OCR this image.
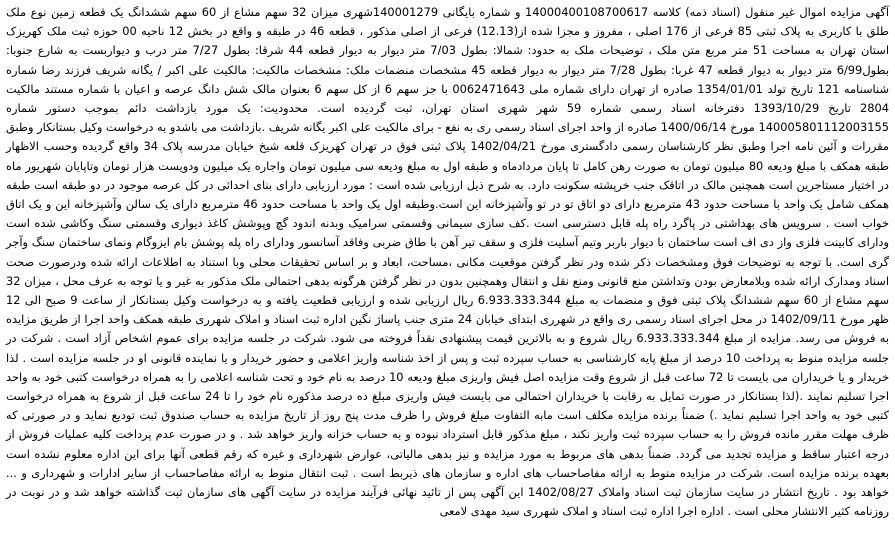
آگهی مزایده اموال غیر منقول (اسناد ذمه) کلاسه 14000400108700617 و شماره بایگانی 140001279شهری میزان 32 سهم مشاع از 60 سهم ششدانگ یک قطعه زمین نوع ملک طلق با کاربری به پلاک ثبتی 85 فرعی از 176 اصلی ، مفروز و مجزا شده از(12.13) فرعی از اصلی مذکور ، قطعه 46 در طبقه و واقع در بخش 12 ناحیه 00 حوزه ثبت ملک کهریزک استان تهران به مساحت 51 متر مربع متن ملک ، توضیحات ملک به حدود: شمالا: بطول 7/03 متر دیوار به دیوار قطعه 44 شرقا: بطول 7/27 متر درب و دیواربست به شارع جنوبا: بطول6/99 متر دیوار به دیوار قطعه 47 غربا: بطول 7/28 متر دیوار به دیوار قطعه 45 مشخصات منضمات ملک: مشخصات مالکیت: مالکیت علی اکبر / یگانه شریف فرزند رضا شماره شناسنامه 121 تاریخ تولد 1354/01/01 صادره از تهران دارای شماره ملی 0062471643 با جز سهم 6 از کل سهم 6 بعنوان مالک شش دانگ عرصه و اعیان با شماره مستند مالکیت 2804 تاریخ 1393/10/29 دفترخانه اسناد رسمی شماره 59 شهر شهری استان تهران، ثبت گردیده است. محدودیت: یک مورد بازداشت دائم بموجب دستور شماره 140005801112003155 مورخ 1400/06/14 صادره از واحد اجرای اسناد رسمی ری به نفع - برای مالکیت علی اکبر یگانه شریف .بازداشت می باشدو به درخواست وکیل بستانکار وطبق مقررات و آئین نامه اجرا وطبق نظر کارشناسان رسمی دادگستری مورخ 1402/04/21 پلاک ثبتی فوق در تهران کهریزک قلعه شیخ خیابان مدرسه پلاک 34 واقع گردیده وحسب الاظهار طبقه همکف با مبلغ ودیعه 80 میلیون تومان به صورت رهن کامل تا پایان مردادماه و طبقه اول به مبلغ ودیعه سی میلیون تومان واجاره یک میلیون ودویست هزار تومان وتاپایان شهریور ماه در اختیار مستاجرین است همچنین مالک در اتاقک جنب خرپشته سکونت دارد. به شرح ذیل ارزیابی شده است : مورد ارزیابی دارای بنای احداثی در کل عرصه موجود در دو طبقه است طبقه همکف شامل یک واحد با مساحت حدود 43 مترمربع دارای دو اتاق تو در تو وآشپزخانه این است.وطبقه اول یک واحد با مساحت حدود 46 مترمربع دارای یک سالن وآشپزخانه این و یک اتاق خواب است . سرویس های بهداشتی در پاگرد راه پله قابل دسترسی است .کف سازی سیمانی وقسمتی سرامیک وبدنه اندود گچ وپوشش کاغذ دیواری وقسمتی سنگ وکاشی شده است ودارای کابینت فلزی واز دی اف است ساختمان با دیوار باربر وتیم آسلیت فلزی و سقف تیر آهن با طاق ضربی وفاقد آسانسور ودارای راه پله پوشش بام ایزوگام ونمای ساختمان سنگ وآجر گری است. با توجه به توضیحات فوق ومشخصات ذکر شده ودر نظر گرفتن موقعیت مکانی ،مساحت، ابعاد و بر اساس تحقیقات محلی وبا استناد به اطلاعات ارائه شده ودرصورت صحت اسناد ومدارک ارائه شده وبلامعارض بودن وتداشتن منع قانونی ومنع نقل و انتقال وهمچنین بدون در نظر گرفتن هرگونه بدهی احتمالی ملک مذکور به غیر و یا توجه به عرف محل ، میزان 32 سهم مشاع از 60 سهم ششدانگ پلاک ثبتی فوق و منضمات به مبلغ 6.933.333.344 ریال ارزیابی شده و ارزیابی قطعیت یافته و به درخواست وکیل بستانکار از ساعت 9 صبح الی 12 ظهر مورخ 1402/09/11 در محل اجرای اسناد رسمی ری واقع در شهرری ابتدای خیابان 24 متری جنب پاساژ نگین اداره ثبت اسناد و املاک شهرری طبقه همکف واحد اجرا از طریق مزایده به فروش می رسد. مزایده از مبلغ 6.933.333.344 ریال شروع و به بالاترین قیمت پیشنهادی نقداً فروخته می شود. شرکت در جلسه مزایده برای عموم اشخاص آزاد است . شرکت در جلسه مزایده منوط به پرداخت 10 درصد از مبلغ پایه کارشناسی به حساب سپرده ثبت و پس از اخذ شناسه واریز اعلامی و حضور خریدار و یا نماینده قانونی او در جلسه مزایده است . لذا خریدار و یا خریداران می بایست تا 72 ساعت قبل از شروع وقت مزایده اصل فیش واریزی مبلغ ودیعه 10 درصد به نام خود و تحت شناسه اعلامی را به همراه درخواست کتبی خود به واحد اجرا تسلیم نمایند .(لذا بستانکار در صورت تمایل به رقابت با خریداران احتمالی می بایست فیش واریزی مبلغ ده درصد مذکوره نام خود را تا 24 ساعت قبل از شروع به همراه درخواست کتبی خود به واحد اجرا تسلیم نماید .) ضمناً برنده مزایده مکلف است مابه التفاوت مبلغ فروش را ظرف مدت پنج روز از تاریخ مزایده به حساب صندوق ثبت تودیع نماید و در صورتی که ظرف مهلت مقرر مانده فروش را به حساب سپرده ثبت واریز نکند ، مبلغ مذکور قابل استرداد نبوده و به حساب خزانه واریز خواهد شد . و در صورت عدم پرداخت کلیه عملیات فروش از درجه اعتبار ساقط و مزایده تجدید می گردد. ضمناً بدهی های مربوط به مورد مزایده و نیز بدهی مالیاتی، عوارض شهرداری و غیره که رقم قطعی آنها برای این اداره معلوم نشده است بعهده برنده مزایده است. شرکت در مزایده منوط به ارائه مفاصاحساب های اداره و سازمان های ذیربط است . ثبت انتقال منوط به ارائه مفاصاحساب از سایر ادارات و شهرداری و ... خواهد بود . تاریخ انتشار در سایت سازمان ثبت اسناد واملاک 1402/08/27 این آگهی پس از تائید نهائی فرآیند مزایده در سایت آگهی های سازمان ثبت گذاشته خواهد شد و در نوبت در روزنامه کثیر الانتشار محلی است . اداره اجرا اداره ثبت اسناد و املاک شهرری سید مهدی لامعی
